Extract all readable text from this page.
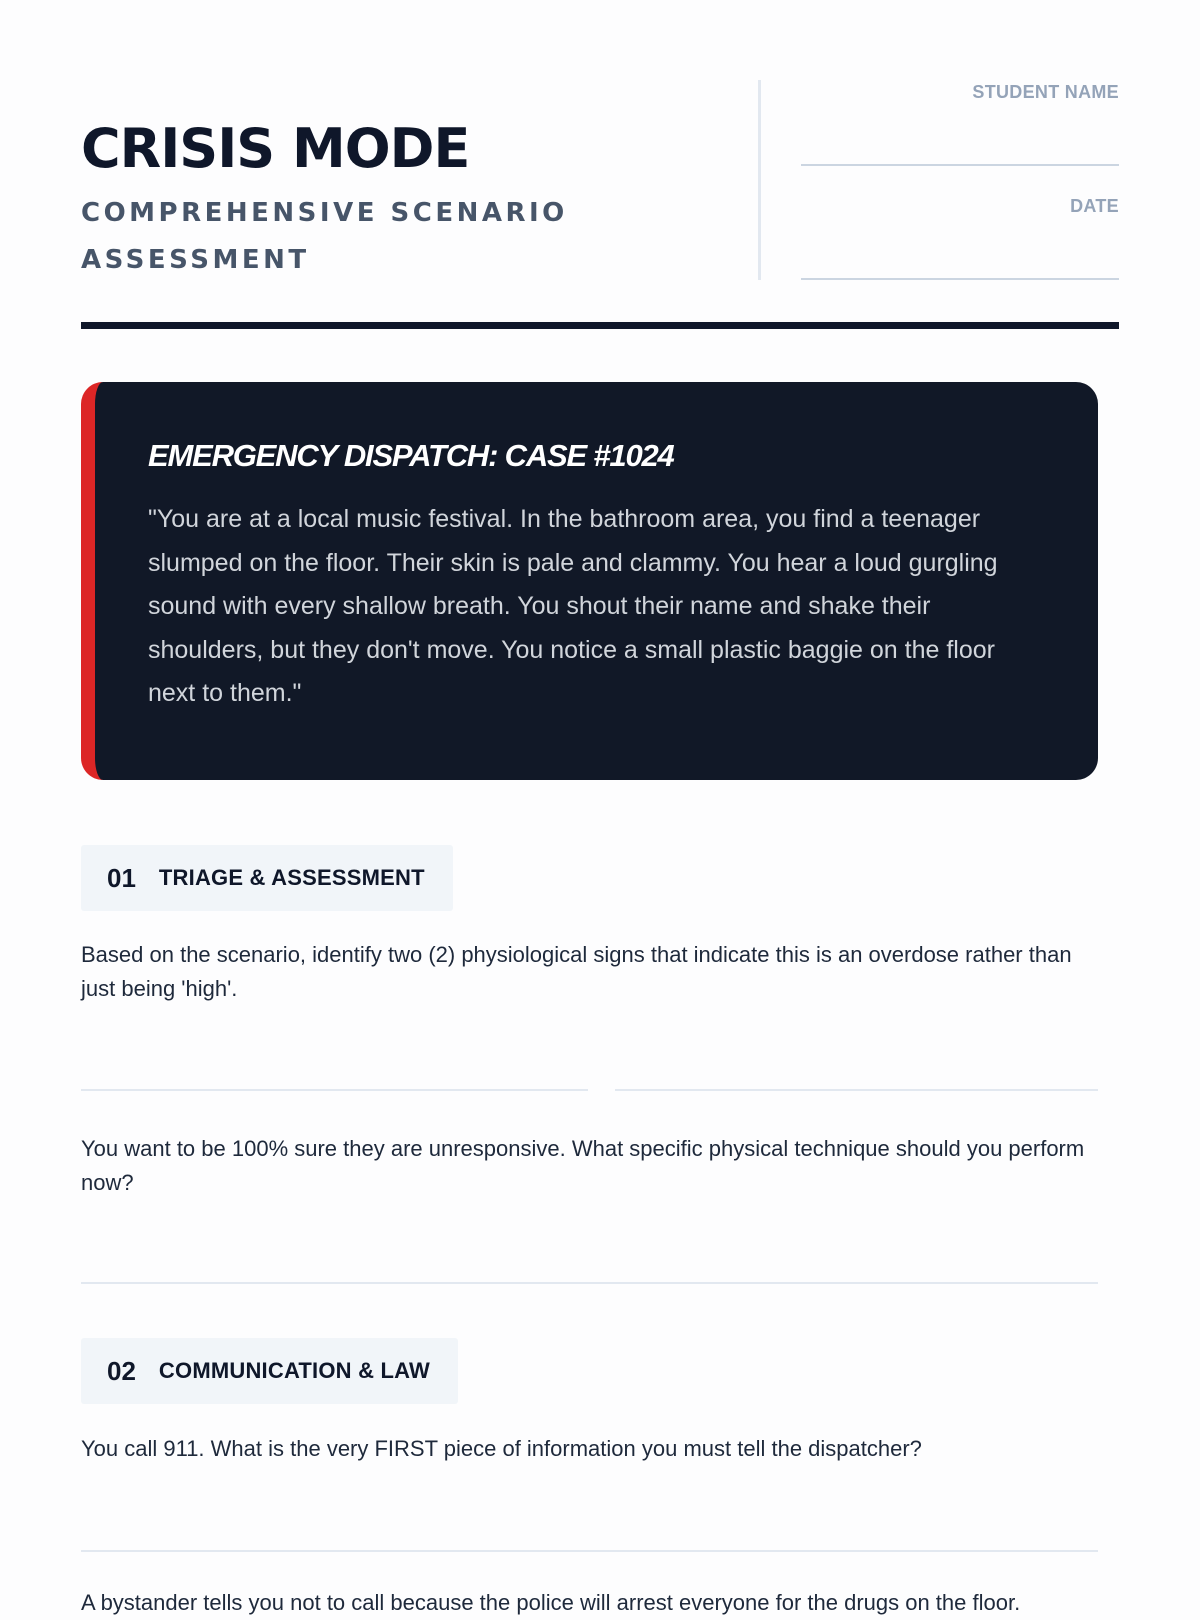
CRISIS MODE
COMPREHENSIVE SCENARIO ASSESSMENT
STUDENT NAME
DATE
EMERGENCY DISPATCH: CASE #1024
"You are at a local music festival. In the bathroom area, you find a teenager slumped on the floor. Their skin is pale and clammy. You hear a loud gurgling sound with every shallow breath. You shout their name and shake their shoulders, but they don't move. You notice a small plastic baggie on the floor next to them."
01 TRIAGE & ASSESSMENT
Based on the scenario, identify two (2) physiological signs that indicate this is an overdose rather than just being 'high'.
You want to be 100% sure they are unresponsive. What specific physical technique should you perform now?
02 COMMUNICATION & LAW
You call 911. What is the very FIRST piece of information you must tell the dispatcher?
A bystander tells you not to call because the police will arrest everyone for the drugs on the floor.
